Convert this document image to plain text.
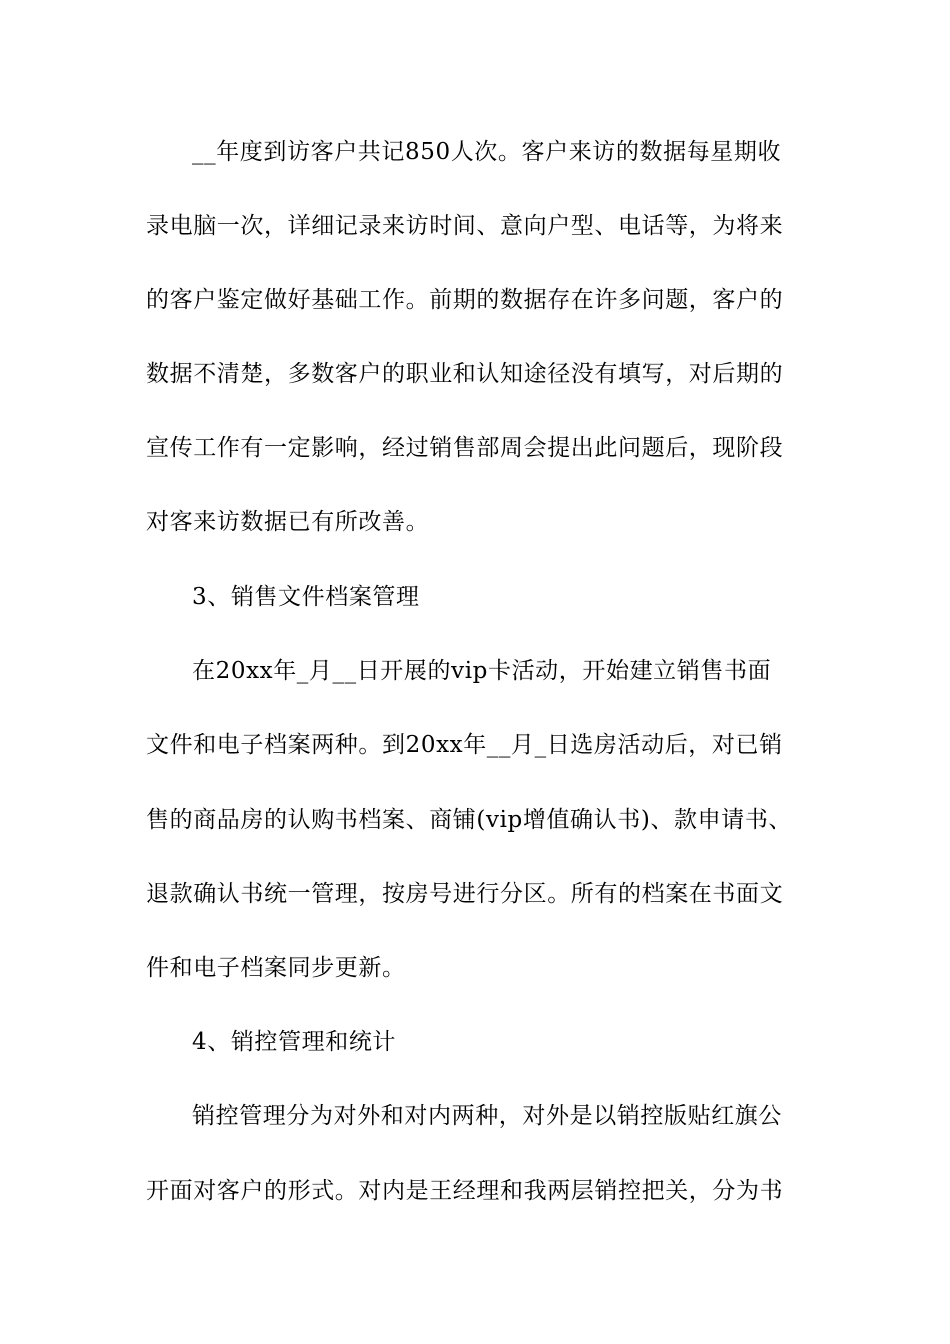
__年度到访客户共记850人次。客户来访的数据每星期收
录电脑一次，详细记录来访时间、意向户型、电话等，为将来
的客户鉴定做好基础工作。前期的数据存在许多问题，客户的
数据不清楚，多数客户的职业和认知途径没有填写，对后期的
宣传工作有一定影响，经过销售部周会提出此问题后，现阶段
对客来访数据已有所改善。
3、销售文件档案管理
在20xx年_月__日开展的vip卡活动，开始建立销售书面
文件和电子档案两种。到20xx年__月_日选房活动后，对已销
售的商品房的认购书档案、商铺(vip增值确认书)、款申请书、
退款确认书统一管理，按房号进行分区。所有的档案在书面文
件和电子档案同步更新。
4、销控管理和统计
销控管理分为对外和对内两种，对外是以销控版贴红旗公
开面对客户的形式。对内是王经理和我两层销控把关，分为书
